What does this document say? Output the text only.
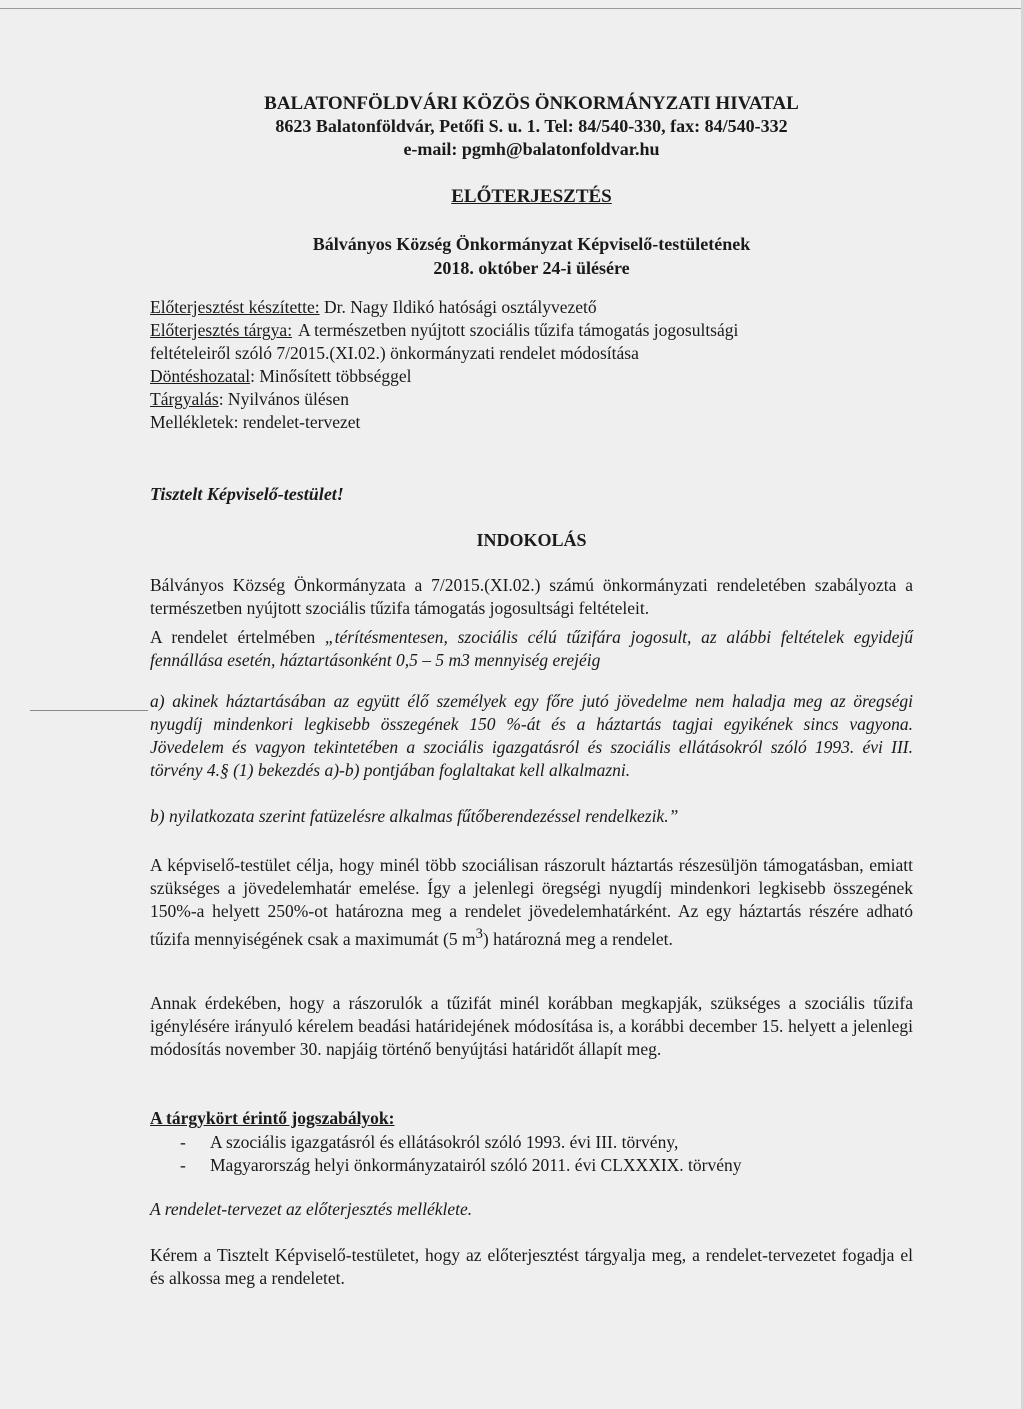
BALATONFÖLDVÁRI KÖZÖS ÖNKORMÁNYZATI HIVATAL
8623 Balatonföldvár, Petőfi S. u. 1. Tel: 84/540-330, fax: 84/540-332
e-mail: pgmh@balatonfoldvar.hu
ELŐTERJESZTÉS
Bálványos Község Önkormányzat Képviselő-testületének
2018. október 24-i ülésére
Előterjesztést készítette: Dr. Nagy Ildikó hatósági osztályvezető
Előterjesztés tárgya: A természetben nyújtott szociális tűzifa támogatás jogosultsági
feltételeiről szóló 7/2015.(XI.02.) önkormányzati rendelet módosítása
Döntéshozatal: Minősített többséggel
Tárgyalás: Nyilvános ülésen
Mellékletek: rendelet-tervezet
Tisztelt Képviselő-testület!
INDOKOLÁS
Bálványos Község Önkormányzata a 7/2015.(XI.02.) számú önkormányzati rendeletében szabályozta a természetben nyújtott szociális tűzifa támogatás jogosultsági feltételeit.
A rendelet értelmében „térítésmentesen, szociális célú tűzifára jogosult, az alábbi feltételek egyidejű fennállása esetén, háztartásonként 0,5 – 5 m3 mennyiség erejéig
a) akinek háztartásában az együtt élő személyek egy főre jutó jövedelme nem haladja meg az öregségi nyugdíj mindenkori legkisebb összegének 150 %-át és a háztartás tagjai egyikének sincs vagyona. Jövedelem és vagyon tekintetében a szociális igazgatásról és szociális ellátásokról szóló 1993. évi III. törvény 4.§ (1) bekezdés a)-b) pontjában foglaltakat kell alkalmazni.
b) nyilatkozata szerint fatüzelésre alkalmas fűtőberendezéssel rendelkezik.”
A képviselő-testület célja, hogy minél több szociálisan rászorult háztartás részesüljön támogatásban, emiatt szükséges a jövedelemhatár emelése. Így a jelenlegi öregségi nyugdíj mindenkori legkisebb összegének 150%-a helyett 250%-ot határozna meg a rendelet jövedelemhatárként. Az egy háztartás részére adható tűzifa mennyiségének csak a maximumát (5 $m^3$) határozná meg a rendelet.
Annak érdekében, hogy a rászorulók a tűzifát minél korábban megkapják, szükséges a szociális tűzifa igénylésére irányuló kérelem beadási határidejének módosítása is, a korábbi december 15. helyett a jelenlegi módosítás november 30. napjáig történő benyújtási határidőt állapít meg.
A tárgykört érintő jogszabályok:
- A szociális igazgatásról és ellátásokról szóló 1993. évi III. törvény,
- Magyarország helyi önkormányzatairól szóló 2011. évi CLXXXIX. törvény
A rendelet-tervezet az előterjesztés melléklete.
Kérem a Tisztelt Képviselő-testületet, hogy az előterjesztést tárgyalja meg, a rendelet-tervezetet fogadja el és alkossa meg a rendeletet.
